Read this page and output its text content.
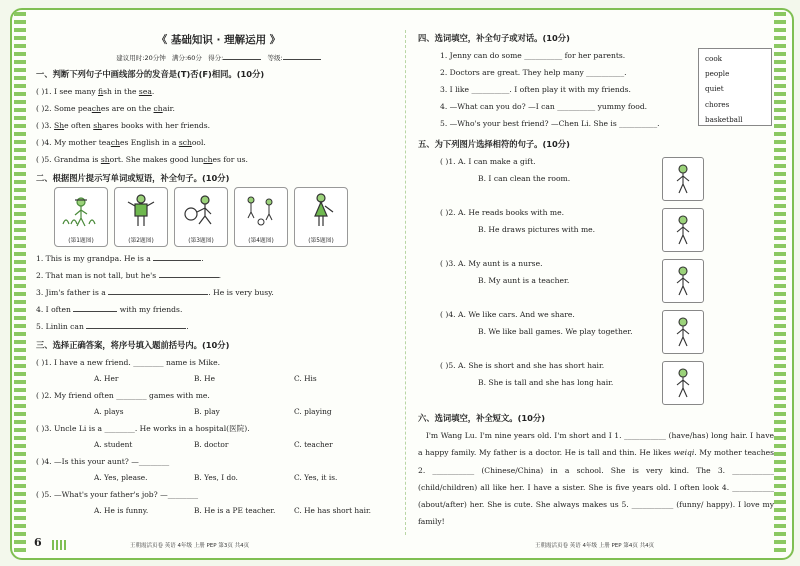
《 基础知识 · 理解运用 》
建议用时:20分钟 满分:60分 得分:	等级:
一、判断下列句子中画线部分的发音是(T)否(F)相同。(10分)
( )1. I see many fish in the sea.
( )2. Some peaches are on the chair.
( )3. She often shares books with her friends.
( )4. My mother teaches English in a school.
( )5. Grandma is short. She makes good lunches for us.
二、根据图片提示写单词或短语，补全句子。(10分)
(第1题图)	(第2题图)	(第3题图)	(第4题图)	(第5题图)
1. This is my grandpa. He is a	.
2. That man is not tall, but he's	.
3. Jim's father is a	. He is very busy.
4. I often	with my friends.
5. Linlin can	.
三、选择正确答案，将序号填入题前括号内。(10分)
( )1. I have a new friend. ________ name is Mike.
A. Her	B. He	C. His
( )2. My friend often ________ games with me.
A. plays	B. play	C. playing
( )3. Uncle Li is a ________. He works in a hospital(医院).
A. student	B. doctor	C. teacher
( )4. —Is this your aunt? —________
A. Yes, please.	B. Yes, I do.	C. Yes, it is.
( )5. —What's your father's job? —________
A. He is funny.	B. He is a PE teacher.	C. He has short hair.
四、选词填空，补全句子或对话。(10分)
1. Jenny can do some __________ for her parents.
2. Doctors are great. They help many __________.
3. I like __________. I often play it with my friends.
4. —What can you do? —I can __________ yummy food.
5. —Who's your best friend? —Chen Li. She is __________.
cook
people
quiet
chores
basketball
五、为下列图片选择相符的句子。(10分)
( )1. A. I can make a gift.
B. I can clean the room.
( )2. A. He reads books with me.
B. He draws pictures with me.
( )3. A. My aunt is a nurse.
B. My aunt is a teacher.
( )4. A. We like cars. And we share.
B. We like ball games. We play together.
( )5. A. She is short and she has short hair.
B. She is tall and she has long hair.
六、选词填空，补全短文。(10分)
I'm Wang Lu. I'm nine years old. I'm short and I 1. ___________ (have/has) long hair. I have a happy family. My father is a doctor. He is tall and thin. He likes weiqi. My mother teaches 2. ___________ (Chinese/China) in a school. She is very kind. The 3. ___________ (child/children) all like her. I have a sister. She is five years old. I often look 4. ___________ (about/after) her. She is cute. She always makes us 5. ___________ (funny/ happy). I love my family!
6	王朝霞活页卷 英语 4年级 上册 PEP 第3页 共4页	王朝霞活页卷 英语 4年级 上册 PEP 第4页 共4页
